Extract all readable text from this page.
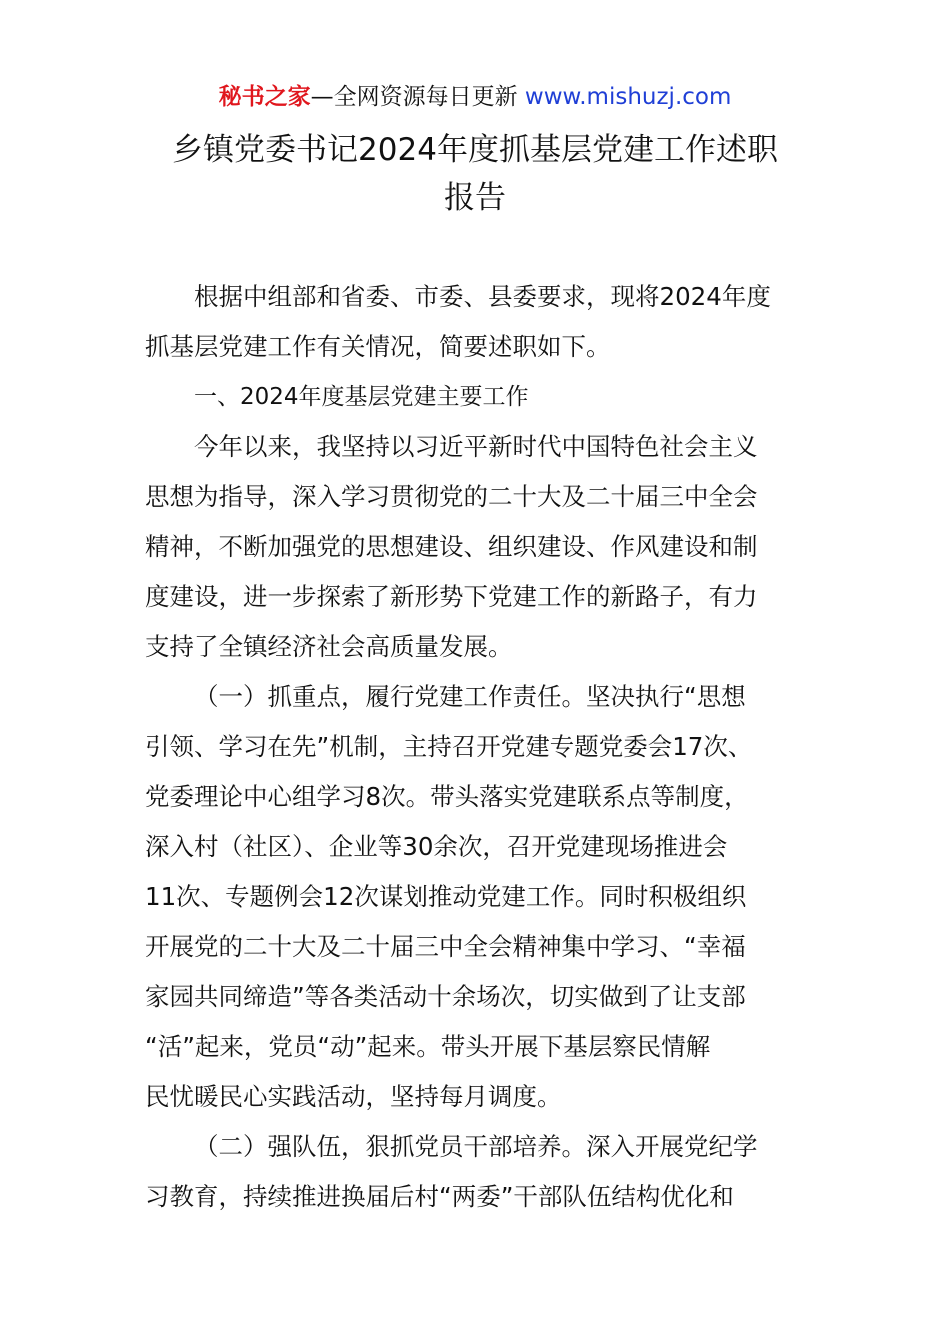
秘书之家—全网资源每日更新 www.mishuzj.com
乡镇党委书记2024年度抓基层党建工作述职
报告
根据中组部和省委、市委、县委要求，现将2024年度
抓基层党建工作有关情况，简要述职如下。
一、2024年度基层党建主要工作
今年以来，我坚持以习近平新时代中国特色社会主义
思想为指导，深入学习贯彻党的二十大及二十届三中全会
精神，不断加强党的思想建设、组织建设、作风建设和制
度建设，进一步探索了新形势下党建工作的新路子，有力
支持了全镇经济社会高质量发展。
（一）抓重点，履行党建工作责任。坚决执行“思想
引领、学习在先”机制，主持召开党建专题党委会17次、
党委理论中心组学习8次。带头落实党建联系点等制度，
深入村（社区）、企业等30余次，召开党建现场推进会
11次、专题例会12次谋划推动党建工作。同时积极组织
开展党的二十大及二十届三中全会精神集中学习、“幸福
家园共同缔造”等各类活动十余场次，切实做到了让支部
“活”起来，党员“动”起来。带头开展下基层察民情解
民忧暖民心实践活动，坚持每月调度。
（二）强队伍，狠抓党员干部培养。深入开展党纪学
习教育，持续推进换届后村“两委”干部队伍结构优化和
